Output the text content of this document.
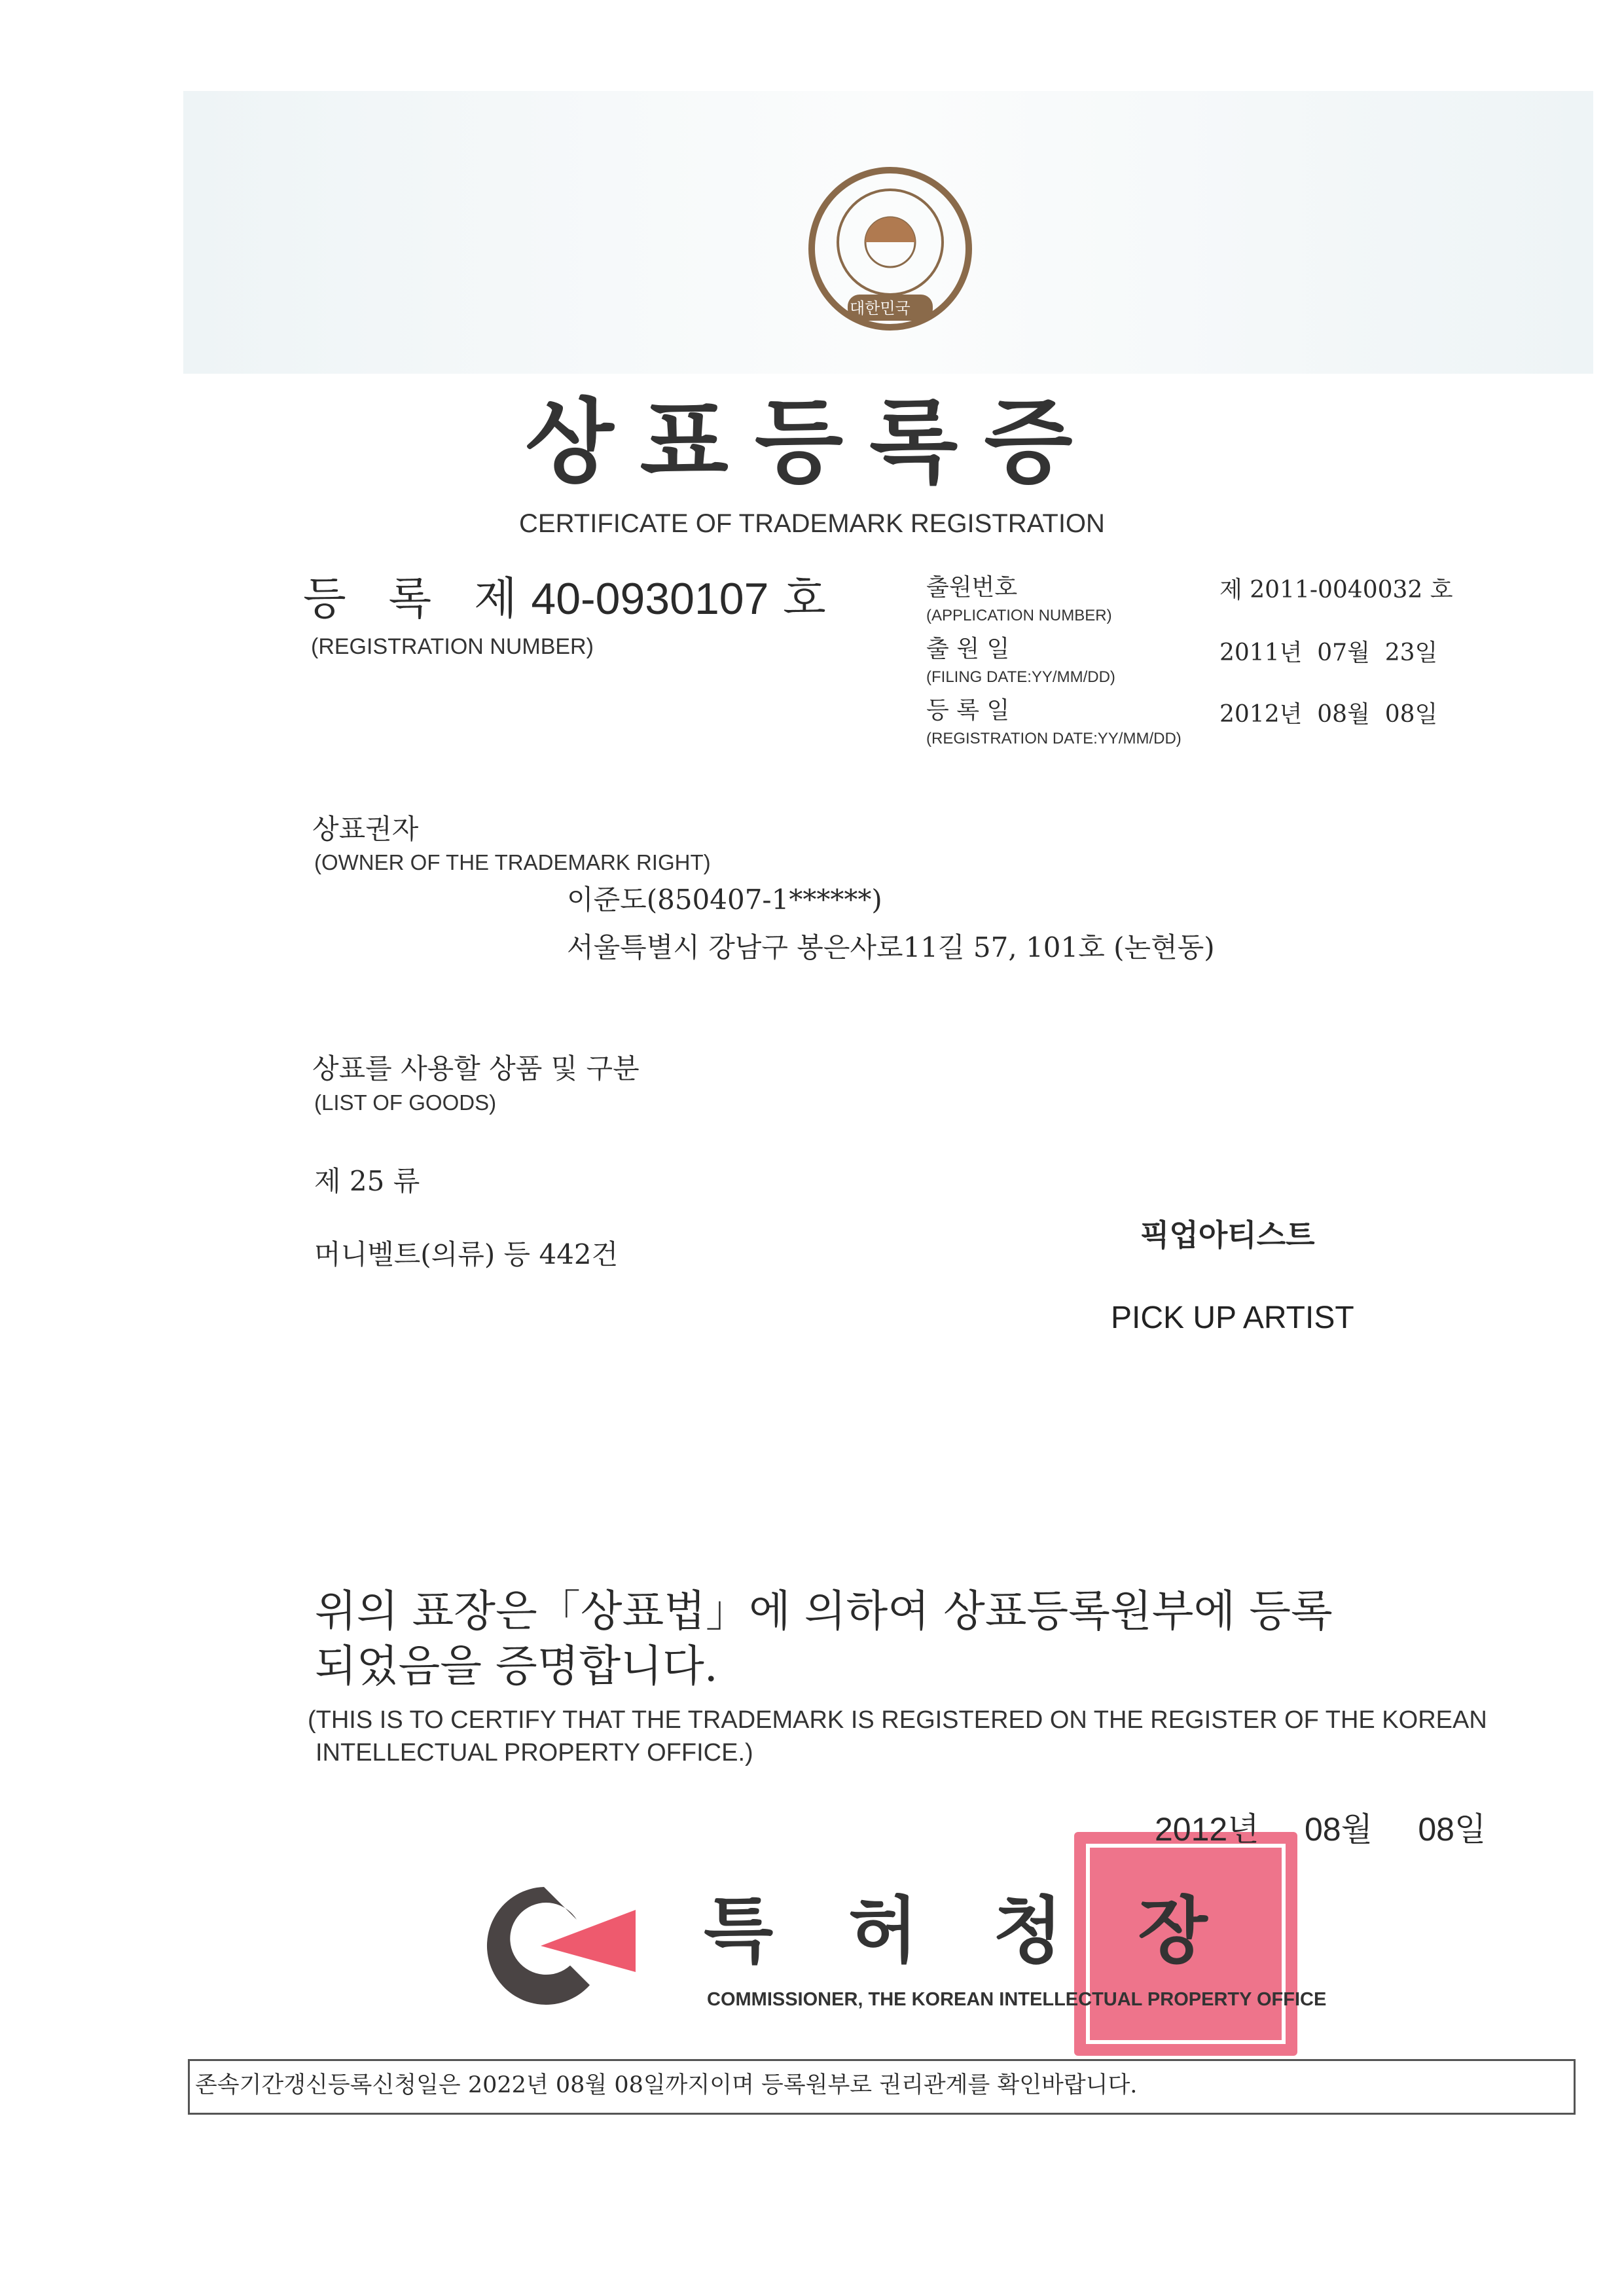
대한민국
상표등록증
CERTIFICATE OF TRADEMARK REGISTRATION
등   록   제 40-0930107 호
(REGISTRATION NUMBER)
출원번호
(APPLICATION NUMBER)
제 2011-0040032 호
출 원 일
(FILING DATE:YY/MM/DD)
2011년  07월  23일
등 록 일
(REGISTRATION DATE:YY/MM/DD)
2012년  08월  08일
상표권자
(OWNER OF THE TRADEMARK RIGHT)
이준도(850407-1******)
서울특별시 강남구 봉은사로11길 57, 101호 (논현동)
상표를 사용할 상품 및 구분
(LIST OF GOODS)
제 25 류
머니벨트(의류) 등 442건
픽업아티스트
PICK UP ARTIST
위의 표장은「상표법」에 의하여 상표등록원부에 등록
되었음을 증명합니다.
(THIS IS TO CERTIFY THAT THE TRADEMARK IS REGISTERED ON THE REGISTER OF THE KOREAN
INTELLECTUAL PROPERTY OFFICE.)
2012년     08월     08일
특   허   청   장
COMMISSIONER, THE KOREAN INTELLECTUAL PROPERTY OFFICE
존속기간갱신등록신청일은 2022년 08월 08일까지이며 등록원부로 권리관계를 확인바랍니다.
